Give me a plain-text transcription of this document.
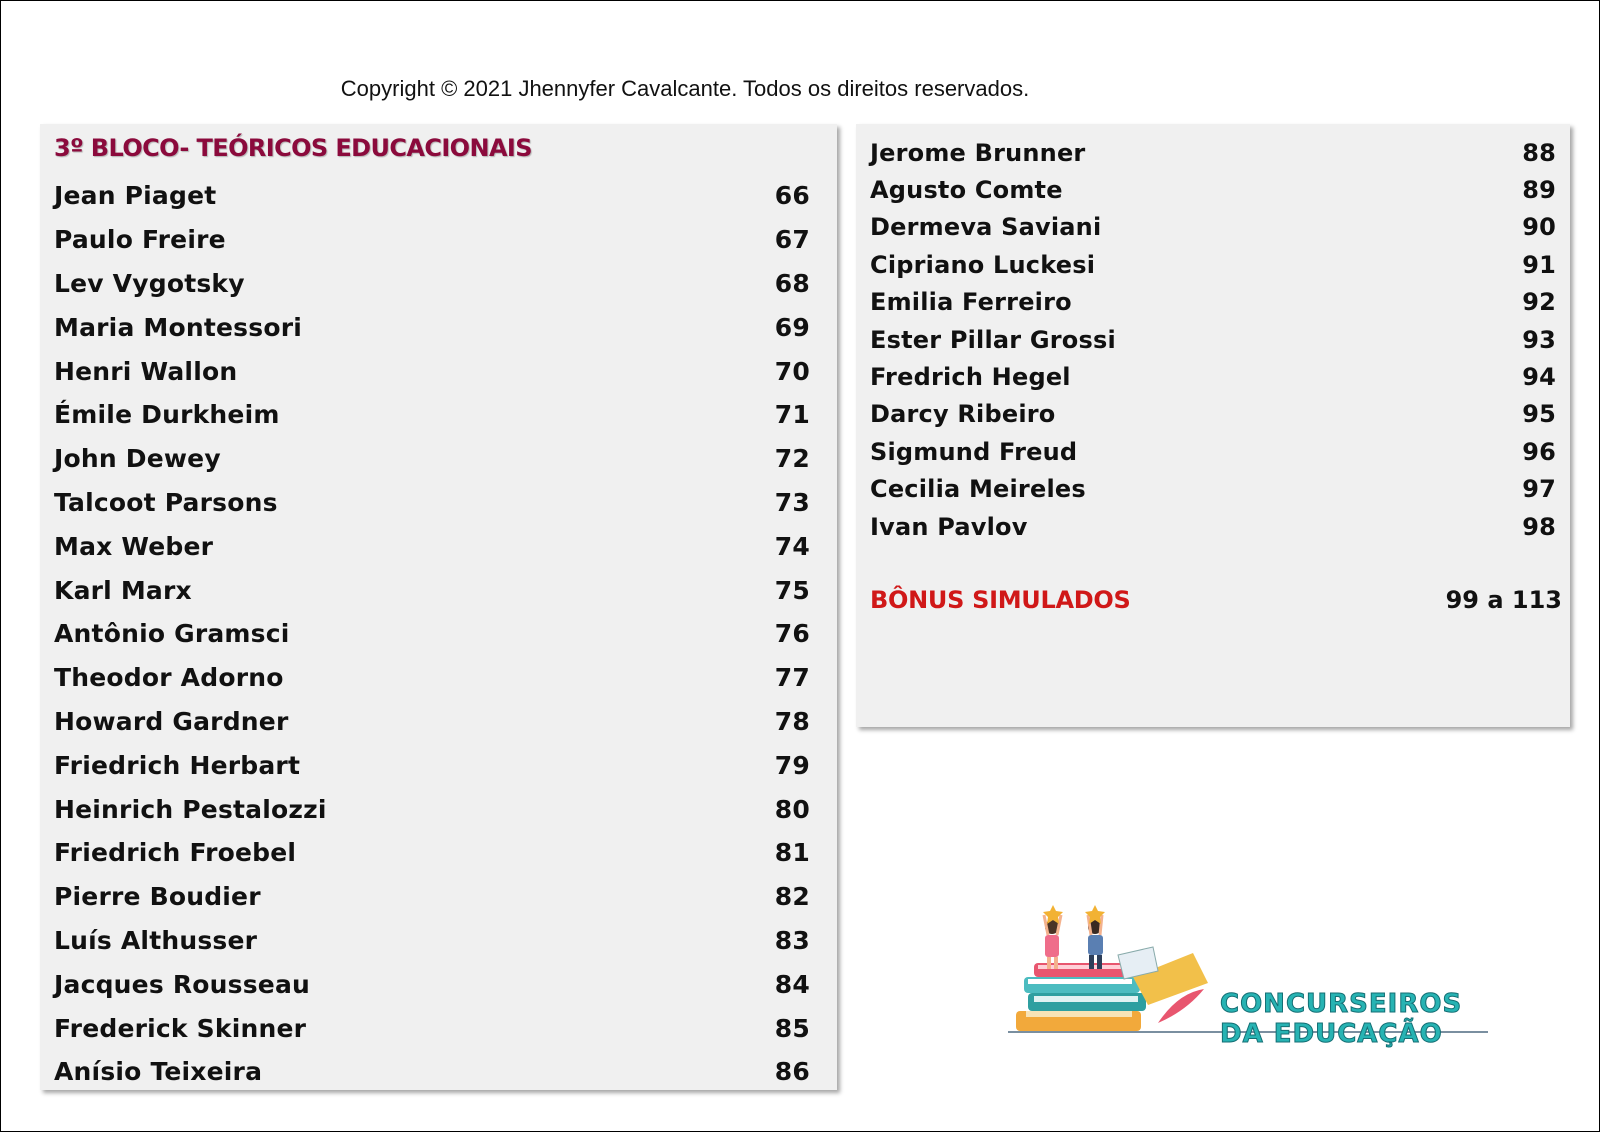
Copyright © 2021 Jhennyfer Cavalcante. Todos os direitos reservados.
3º BLOCO- TEÓRICOS EDUCACIONAIS
Jean Piaget	66
Paulo Freire	67
Lev Vygotsky	68
Maria Montessori	69
Henri Wallon	70
Émile Durkheim	71
John Dewey	72
Talcoot Parsons	73
Max Weber	74
Karl Marx	75
Antônio Gramsci	76
Theodor Adorno	77
Howard Gardner	78
Friedrich Herbart	79
Heinrich Pestalozzi	80
Friedrich Froebel	81
Pierre Boudier	82
Luís Althusser	83
Jacques Rousseau	84
Frederick Skinner	85
Anísio Teixeira	86
Jerome Brunner	88
Agusto Comte	89
Dermeva Saviani	90
Cipriano Luckesi	91
Emilia Ferreiro	92
Ester Pillar Grossi	93
Fredrich Hegel	94
Darcy Ribeiro	95
Sigmund Freud	96
Cecilia Meireles	97
Ivan Pavlov	98
BÔNUS SIMULADOS	99 a 113
CONCURSEIROS
DA EDUCAÇÃO
